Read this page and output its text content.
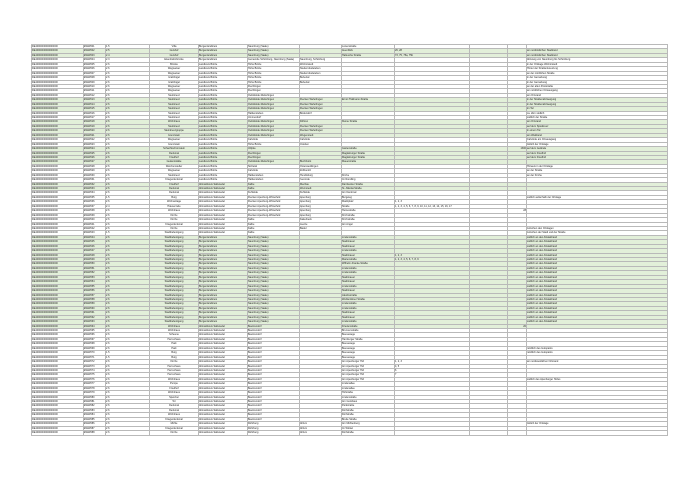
DE4000000000000000	EWW001	1.5	Villa	Burgenlandkreis	Naumburg (Saale)		Luisenstraße				
DE4000000000000000	EWW002	2.5	Gutshof	Burgenlandkreis	Naumburg (Saale)		Auenblick	26, 28			am nordöstlichen Stadtrand
DE4000000000000000	EWW003	2.4	Gutshof	Burgenlandkreis	Naumburg (Saale)		Hallesche Straße	73, 75, 75a, 75b			am nordöstlichen Stadtrand
DE4000000000000000	EWW004	2.3	Eisenbahnbrücke	Burgenlandkreis	Gemeinde Schönburg, Naumburg (Saale)	Naumburg, Schönburg					Abzweig von Naumburg bis Schönburg
DE4000000000000000	EWW005	2.6	Brücke	Landkreis Börde	Hohe Börde	Wolmirstedt					in der Ortslage Wolmirstedt
DE4000000000000000	EWW006	2.6	Wegweiser	Landkreis Börde	Hohe Börde	Niederndodeleben					Hinter der Straßenkreuzung
DE4000000000000000	EWW007	2.6	Wegweiser	Landkreis Börde	Hohe Börde	Niederndodeleben					an der nördlichen Straße
DE4000000000000000	EWW008	2.6	Grabhügel	Landkreis Börde	Hohe Börde	Bebertal					in der Gemarkung
DE4000000000000000	EWW009	2.6	Grabhügel	Landkreis Börde	Hohe Börde	Bebertal					in der Gemarkung
DE4000000000000000	EWW010	2.6	Wegweiser	Landkreis Börde	Flechtingen						an der alten Poststraße
DE4000000000000000	EWW011	2.6	Wegweiser	Landkreis Börde	Flechtingen						am nördlichen Ortsausgang
DE4000000000000000	EWW012	2.6	Steinkreuz	Landkreis Börde	Oebisfelde-Weferlingen						am Ortsrand
DE4000000000000000	EWW013	2.6	Steinkreuz	Landkreis Börde	Oebisfelde-Weferlingen	Flecken Weferlingen	Ernst-Thälmann-Straße				in der Straßenabzweigung
DE4000000000000000	EWW014	2.6	Steinkreuz	Landkreis Börde	Oebisfelde-Weferlingen	Flecken Weferlingen					in der Straßenabzweigung
DE4000000000000000	EWW015	2.6	Steinkreuz	Landkreis Börde	Oebisfelde-Weferlingen	Flecken Weferlingen					im Tal
DE4000000000000000	EWW016	2.6	Steinkreuz	Landkreis Börde	Haldensleben	Bodendorf					ca. 2km südlich
DE4000000000000000	EWW017	2.6	Steinkreuz	Landkreis Börde	Ummendorf						südlich der Straße
DE4000000000000000	EWW018	2.6	Wohnhaus	Landkreis Börde	Oebisfelde-Weferlingen	Döhren	Kleine Straße				am Ortsrand
DE4000000000000000	EWW019	2.6	Steinkreuz	Landkreis Börde	Oebisfelde-Weferlingen	Flecken Weferlingen					auf dem Spielkreuz
DE4000000000000000	EWW020	2.6	Steinkreuzgruppe	Landkreis Börde	Oebisfelde-Weferlingen	Flecken Weferlingen					in einem Tal
DE4000000000000000	EWW021	2.6	Grenzstein	Landkreis Börde	Oebisfelde-Weferlingen	Wegenstedt					am Waldrand
DE4000000000000000	EWW022	2.6	Wegweiser	Landkreis Börde	Calvörde	Calvörde					Calvörde am Ortsausgang
DE4000000000000000	EWW023	2.6	Grenzstein	Landkreis Börde	Hohe Börde	Irxleben					östlich der Ortslage
DE4000000000000000	EWW024	2.6	Schachtschornstein	Landkreis Börde	Völpke		Gartenstraße			1300	auf dem Gelände
DE4000000000000000	EWW025	2.6	Denkmal	Landkreis Börde	Flechtingen		Magdeburger Straße				auf dem Friedhof
DE4000000000000000	EWW026	2.6	Friedhof	Landkreis Börde	Flechtingen		Magdeburger Straße				auf dem Friedhof
DE4000000000000000	EWW027	2.6	Gedenkstätte	Landkreis Börde	Oebisfelde-Weferlingen	Buchhorst	Mauerstraße				
DE4000000000000000	EWW028	2.6	Weichensteller	Landkreis Börde	Sülzetal	Osterweddingen					Hinweis in der Ortslage
DE4000000000000000	EWW029	2.6	Wegweiser	Landkreis Börde	Calvörde	Zobbenitz					an der Straße
DE4000000000000000	EWW030	2.6	Steinkreuz	Landkreis Börde	Haldensleben	Hundisburg	Kirche				an der Kirche
DE4000000000000000	EWW031	2.6	Kriegerdenkmal	Landkreis Börde	Haldensleben	Ivenrode	Im Rundling				
DE4000000000000000	EWW032	2.6	Friedhof	Altmarkkreis Salzwedel	Kalbe	Mechau	Dambecker Straße				
DE4000000000000000	EWW033	2.6	Denkmal	Altmarkkreis Salzwedel	Kalbe	Wernstedt	St.-Nikolai-Straße				
DE4000000000000000	EWW034	2.6	Denkmal	Altmarkkreis Salzwedel	Kuhfelde	Kuhfelde	Am Denkmal				
DE4000000000000000	EWW035	1.5	Burg	Altmarkkreis Salzwedel	Flecken Apenburg-Winterfeld	Apenburg	Burgweg				südlich außerhalb der Ortslage
DE4000000000000000	EWW036	2.6	Wohnanlage	Altmarkkreis Salzwedel	Flecken Apenburg-Winterfeld	Apenburg	Marktplatz	1, 2, 3			
DE4000000000000000	EWW037	2.4	Häuserzeile	Altmarkkreis Salzwedel	Flecken Apenburg-Winterfeld	Apenburg	Straße	1, 2, 3, 4, 5, 6, 7, 8, 9, 10, 11, 12, 13, 14, 15, 16, 17			
DE4000000000000000	EWW038	2.6	Wohnhaus	Altmarkkreis Salzwedel	Flecken Apenburg-Winterfeld	Apenburg	Heinestraße			28	
DE4000000000000000	EWW039	2.6	Kirche	Altmarkkreis Salzwedel	Flecken Apenburg-Winterfeld	Apenburg	Kirchstraße				
DE4000000000000000	EWW040	2.6	Kirche	Altmarkkreis Salzwedel	Kalbe	Kakerbeck	Kirchstraße				
DE4000000000000000	EWW041	2.6	Kriegerdenkmal	Altmarkkreis Salzwedel	Kalbe	Jeetze	Am Anger				
DE4000000000000000	EWW042	2.6	Kirche	Altmarkkreis Salzwedel	Kalbe	Badel					zwischen den Ortslagen
DE4000000000000000	EWW043	1.5	Stadtbefestigung	Altmarkkreis Salzwedel	Kalbe						zwischen der Stadt und der Straße
DE4000000000000000	EWW044	2.6	Stadtbefestigung	Burgenlandkreis	Naumburg (Saale)		Lindenstraße				südlich an den Altstadtrand
DE4000000000000000	EWW045	2.6	Stadtbefestigung	Burgenlandkreis	Naumburg (Saale)		Stadtmauer				südlich an den Altstadtrand
DE4000000000000000	EWW046	2.6	Stadtbefestigung	Burgenlandkreis	Naumburg (Saale)		Stadtmauer				südlich an den Altstadtrand
DE4000000000000000	EWW047	2.6	Stadtbefestigung	Burgenlandkreis	Naumburg (Saale)		Lindenstraße				südlich an den Altstadtrand
DE4000000000000000	EWW048	2.6	Stadtbefestigung	Burgenlandkreis	Naumburg (Saale)		Stadtmauer	1, 2, 3			südlich an den Altstadtrand
DE4000000000000000	EWW049	2.6	Stadtbefestigung	Burgenlandkreis	Naumburg (Saale)		Marienstraße	1, 2, 3, 4, 5, 6, 7, 8, 9			südlich an den Altstadtrand
DE4000000000000000	EWW050	2.6	Stadtbefestigung	Burgenlandkreis	Naumburg (Saale)		Wilhelm-Franke-Straße				südlich an den Altstadtrand
DE4000000000000000	EWW051	2.6	Stadtbefestigung	Burgenlandkreis	Naumburg (Saale)		Lindenstraße				südlich an den Altstadtrand
DE4000000000000000	EWW052	2.6	Stadtbefestigung	Burgenlandkreis	Naumburg (Saale)		Lindenstraße				südlich an den Altstadtrand
DE4000000000000000	EWW053	2.6	Stadtbefestigung	Burgenlandkreis	Naumburg (Saale)		Stadtmauer				südlich an den Altstadtrand
DE4000000000000000	EWW054	2.6	Stadtbefestigung	Burgenlandkreis	Naumburg (Saale)		Stadtmauer				südlich an den Altstadtrand
DE4000000000000000	EWW055	2.6	Stadtbefestigung	Burgenlandkreis	Naumburg (Saale)		Lindenstraße				südlich an den Altstadtrand
DE4000000000000000	EWW056	2.6	Stadtbefestigung	Burgenlandkreis	Naumburg (Saale)		Stadtmauer				südlich an den Altstadtrand
DE4000000000000000	EWW057	2.6	Stadtbefestigung	Burgenlandkreis	Naumburg (Saale)		Jakobsstraße				südlich an den Altstadtrand
DE4000000000000000	EWW058	2.6	Stadtbefestigung	Burgenlandkreis	Naumburg (Saale)		Weißenfelser Straße				südlich an den Altstadtrand
DE4000000000000000	EWW059	2.6	Stadtbefestigung	Burgenlandkreis	Naumburg (Saale)		Lindenstraße				südlich an den Altstadtrand
DE4000000000000000	EWW060	2.6	Stadtbefestigung	Burgenlandkreis	Naumburg (Saale)		Lindenstraße				südlich an den Altstadtrand
DE4000000000000000	EWW061	2.6	Stadtbefestigung	Burgenlandkreis	Naumburg (Saale)		Stadtmauer				südlich an den Altstadtrand
DE4000000000000000	EWW062	2.6	Stadtbefestigung	Burgenlandkreis	Naumburg (Saale)		Stadtmauer				südlich an den Altstadtrand
DE4000000000000000	EWW063	2.6	Stadtbefestigung	Burgenlandkreis	Naumburg (Saale)		Lindenstraße				südlich an den Altstadtrand
DE4000000000000000	EWW064	2.6	Wohnhaus	Altmarkkreis Salzwedel	Beetzendorf		Friedenstraße			20	
DE4000000000000000	EWW065	2.6	Wohnhaus	Altmarkkreis Salzwedel	Beetzendorf		Brunnenstraße				
DE4000000000000000	EWW066	2.6	Scheune	Altmarkkreis Salzwedel	Beetzendorf		Beesewege				
DE4000000000000000	EWW067	2.6	Herrenhaus	Altmarkkreis Salzwedel	Beetzendorf		Hamburger Straße				
DE4000000000000000	EWW068	2.6	Park	Altmarkkreis Salzwedel	Beetzendorf		Beesewege				
DE4000000000000000	EWW069	2.6	Park	Altmarkkreis Salzwedel	Beetzendorf		Beesewege				nördlich des Gutsparks
DE4000000000000000	EWW070	1.5	Burg	Altmarkkreis Salzwedel	Beetzendorf		Beesewege				nördlich des Gutsparks
DE4000000000000000	EWW071	1.5	Burg	Altmarkkreis Salzwedel	Beetzendorf		Beesewege				
DE4000000000000000	EWW072	2.6	Kirche	Altmarkkreis Salzwedel	Beetzendorf		Am Apenburger Hof	1, 2, 3			am nordwestlichen Ortsrand
DE4000000000000000	EWW073	2.6	Herrenhaus	Altmarkkreis Salzwedel	Beetzendorf		Am Apenburger Hof	4, 5			
DE4000000000000000	EWW074	2.6	Herrenhaus	Altmarkkreis Salzwedel	Beetzendorf		Am Apenburger Hof	6			
DE4000000000000000	EWW075	2.6	Herrenhaus	Altmarkkreis Salzwedel	Beetzendorf		Am Apenburger Hof	7			
DE4000000000000000	EWW076	2.6	Wohnhaus	Altmarkkreis Salzwedel	Beetzendorf		Am Apenburger Hof				südlich des Apenburger Hofes
DE4000000000000000	EWW077	2.6	Pumpe	Altmarkkreis Salzwedel	Beetzendorf		Lindenallee				
DE4000000000000000	EWW078	2.6	Friedhof	Altmarkkreis Salzwedel	Beetzendorf		Lindenallee				
DE4000000000000000	EWW079	2.6	Wohnhaus	Altmarkkreis Salzwedel	Beetzendorf		Hofstraße				
DE4000000000000000	EWW080	2.6	Speicher	Altmarkkreis Salzwedel	Beetzendorf		Lindenstraße				
DE4000000000000000	EWW081	2.6	Tor	Altmarkkreis Salzwedel	Beetzendorf		Am Gutshaus				
DE4000000000000000	EWW082	2.6	Denkmal	Altmarkkreis Salzwedel	Beetzendorf		Parkstraße				
DE4000000000000000	EWW083	2.6	Denkmal	Altmarkkreis Salzwedel	Beetzendorf		Dorfstraße				
DE4000000000000000	EWW084	2.6	Wohnhaus	Altmarkkreis Salzwedel	Beetzendorf		Dorfstraße				
DE4000000000000000	EWW085	2.6	Kriegerdenkmal	Altmarkkreis Salzwedel	Beetzendorf		Breite Straße				
DE4000000000000000	EWW086	2.6	Mühle	Altmarkkreis Salzwedel	Rohrberg	Ahlum	Am Mühlenberg				östlich der Ortslage
DE4000000000000000	EWW087	2.6	Kriegerdenkmal	Altmarkkreis Salzwedel	Rohrberg	Ahlum	Im Winkel				
DE4000000000000000	EWW088	2.6	Kirche	Altmarkkreis Salzwedel	Rohrberg	Ahlum	Dorfstraße				
